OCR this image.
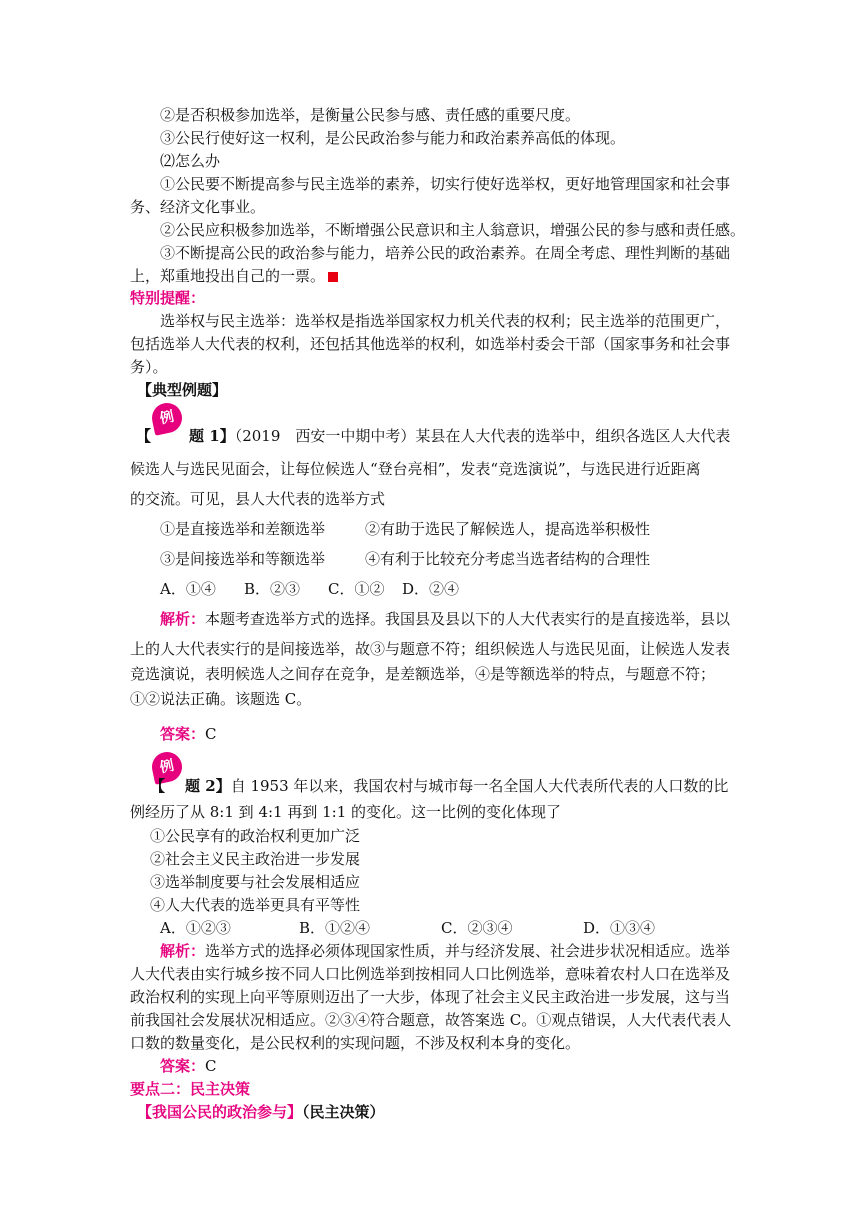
②是否积极参加选举，是衡量公民参与感、责任感的重要尺度。
③公民行使好这一权利，是公民政治参与能力和政治素养高低的体现。
⑵怎么办
①公民要不断提高参与民主选举的素养，切实行使好选举权，更好地管理国家和社会事
务、经济文化事业。
②公民应积极参加选举，不断增强公民意识和主人翁意识，增强公民的参与感和责任感。
③不断提高公民的政治参与能力，培养公民的政治素养。在周全考虑、理性判断的基础
上，郑重地投出自己的一票。
特别提醒：
选举权与民主选举：选举权是指选举国家权力机关代表的权利；民主选举的范围更广，
包括选举人大代表的权利，还包括其他选举的权利，如选举村委会干部（国家事务和社会事
务）。
【典型例题】
例
【	题 1】（2019　西安一中期中考）某县在人大代表的选举中，组织各选区人大代表
候选人与选民见面会，让每位候选人“登台亮相”，发表“竞选演说”，与选民进行近距离
的交流。可见，县人大代表的选举方式
①是直接选举和差额选举	②有助于选民了解候选人，提高选举积极性
③是间接选举和等额选举	④有利于比较充分考虑当选者结构的合理性
A．①④ B．②③ C．①② D．②④
解析：本题考查选举方式的选择。我国县及县以下的人大代表实行的是直接选举，县以
上的人大代表实行的是间接选举，故③与题意不符；组织候选人与选民见面，让候选人发表
竞选演说，表明候选人之间存在竞争，是差额选举，④是等额选举的特点，与题意不符；
①②说法正确。该题选 C。
答案：C
例
【 题 2】自 1953 年以来，我国农村与城市每一名全国人大代表所代表的人口数的比
例经历了从 8:1 到 4:1 再到 1:1 的变化。这一比例的变化体现了
①公民享有的政治权利更加广泛
②社会主义民主政治进一步发展
③选举制度要与社会发展相适应
④人大代表的选举更具有平等性
A．①②③	B．①②④	C．②③④	D．①③④
解析：选举方式的选择必须体现国家性质，并与经济发展、社会进步状况相适应。选举
人大代表由实行城乡按不同人口比例选举到按相同人口比例选举，意味着农村人口在选举及
政治权利的实现上向平等原则迈出了一大步，体现了社会主义民主政治进一步发展，这与当
前我国社会发展状况相适应。②③④符合题意，故答案选 C。①观点错误，人大代表代表人
口数的数量变化，是公民权利的实现问题，不涉及权利本身的变化。
答案：C
要点二：民主决策
【我国公民的政治参与】（民主决策）
